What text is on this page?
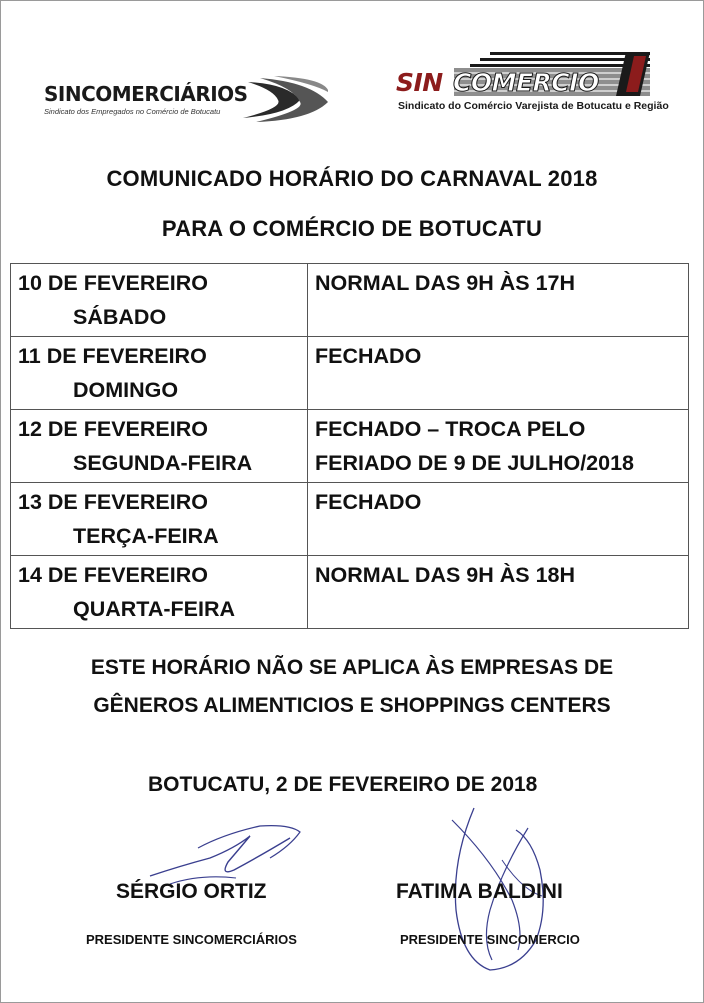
SINCOMERCIÁRIOS
Sindicato dos Empregados no Comércio de Botucatu
SIN COMERCIO
Sindicato do Comércio Varejista de Botucatu e Região
COMUNICADO HORÁRIO DO CARNAVAL 2018
PARA O COMÉRCIO DE BOTUCATU
10 DE FEVEREIRO
SÁBADO	NORMAL DAS 9H ÀS 17H
11 DE FEVEREIRO
DOMINGO	FECHADO
12 DE FEVEREIRO
SEGUNDA-FEIRA	FECHADO – TROCA PELO
FERIADO DE 9 DE JULHO/2018
13 DE FEVEREIRO
TERÇA-FEIRA	FECHADO
14 DE FEVEREIRO
QUARTA-FEIRA	NORMAL DAS 9H ÀS 18H
ESTE HORÁRIO NÃO SE APLICA ÀS EMPRESAS DE
GÊNEROS ALIMENTICIOS E SHOPPINGS CENTERS
BOTUCATU, 2 DE FEVEREIRO DE 2018
SÉRGIO ORTIZ
PRESIDENTE SINCOMERCIÁRIOS
FATIMA BALDINI
PRESIDENTE SINCOMERCIO
